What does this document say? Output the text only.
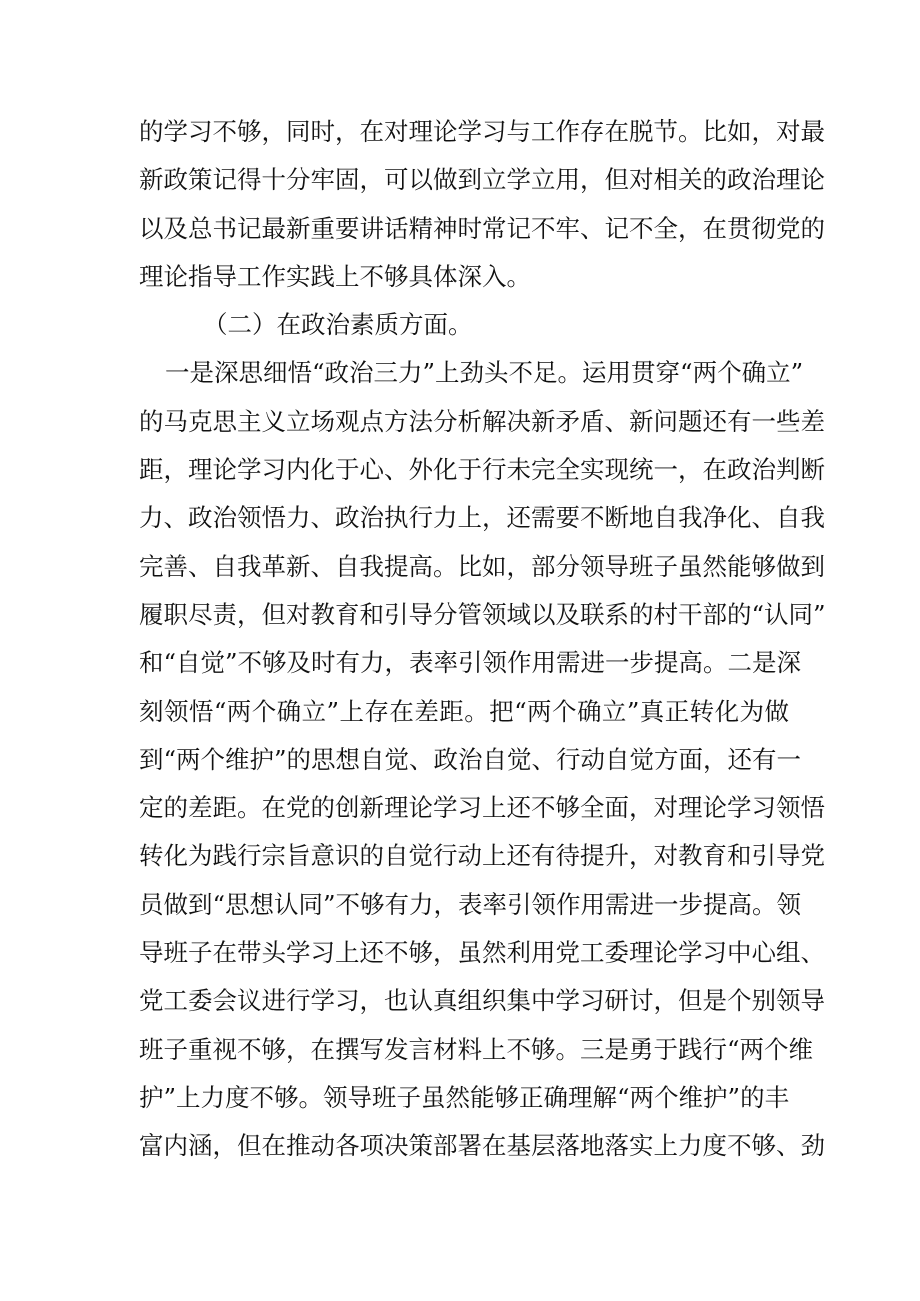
的学习不够，同时，在对理论学习与工作存在脱节。比如，对最
新政策记得十分牢固，可以做到立学立用，但对相关的政治理论
以及总书记最新重要讲话精神时常记不牢、记不全，在贯彻党的
理论指导工作实践上不够具体深入。
（二）在政治素质方面。
一是深思细悟“政治三力”上劲头不足。运用贯穿“两个确立”
的马克思主义立场观点方法分析解决新矛盾、新问题还有一些差
距，理论学习内化于心、外化于行未完全实现统一，在政治判断
力、政治领悟力、政治执行力上，还需要不断地自我净化、自我
完善、自我革新、自我提高。比如，部分领导班子虽然能够做到
履职尽责，但对教育和引导分管领域以及联系的村干部的“认同”
和“自觉”不够及时有力，表率引领作用需进一步提高。二是深
刻领悟“两个确立”上存在差距。把“两个确立”真正转化为做
到“两个维护”的思想自觉、政治自觉、行动自觉方面，还有一
定的差距。在党的创新理论学习上还不够全面，对理论学习领悟
转化为践行宗旨意识的自觉行动上还有待提升，对教育和引导党
员做到“思想认同”不够有力，表率引领作用需进一步提高。领
导班子在带头学习上还不够，虽然利用党工委理论学习中心组、
党工委会议进行学习，也认真组织集中学习研讨，但是个别领导
班子重视不够，在撰写发言材料上不够。三是勇于践行“两个维
护”上力度不够。领导班子虽然能够正确理解“两个维护”的丰
富内涵，但在推动各项决策部署在基层落地落实上力度不够、劲
